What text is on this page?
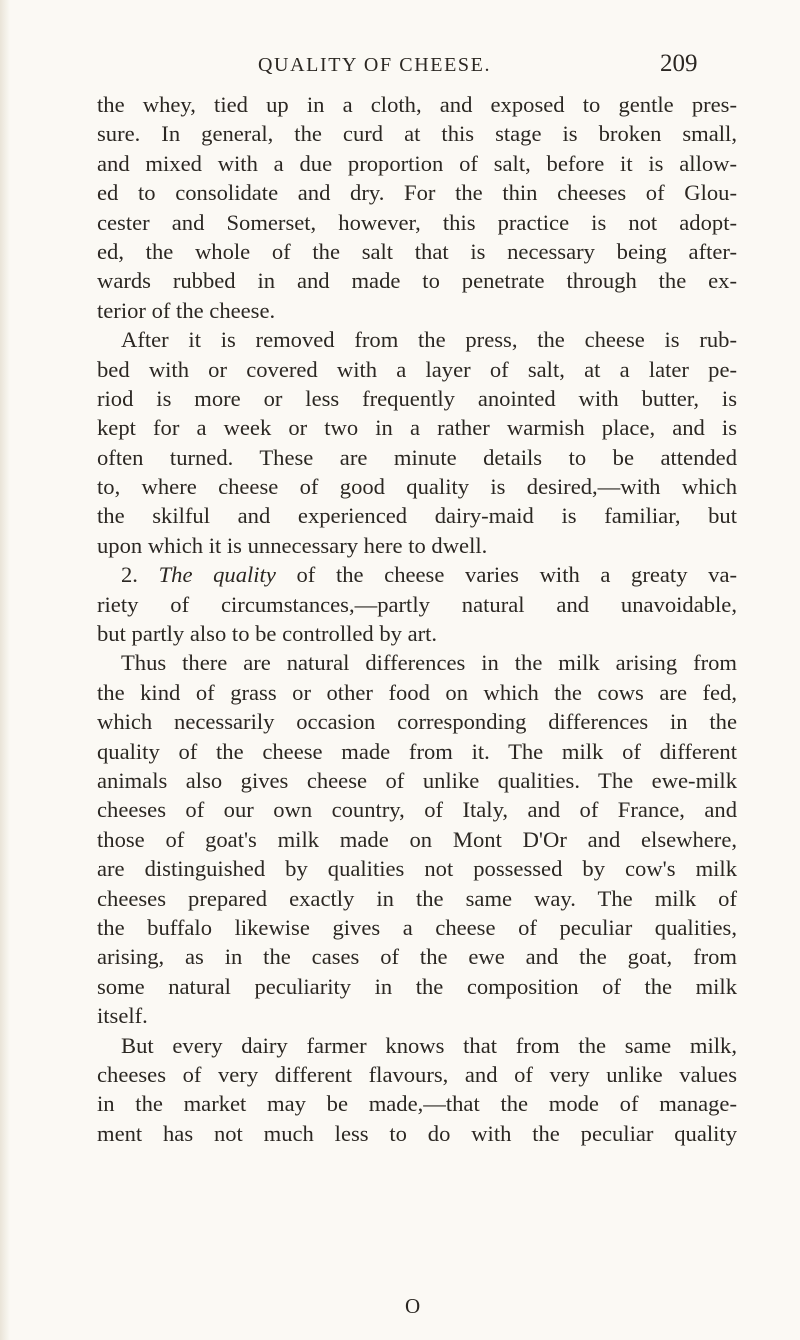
QUALITY OF CHEESE.	209
the whey, tied up in a cloth, and exposed to gentle pres-
sure. In general, the curd at this stage is broken small,
and mixed with a due proportion of salt, before it is allow-
ed to consolidate and dry. For the thin cheeses of Glou-
cester and Somerset, however, this practice is not adopt-
ed, the whole of the salt that is necessary being after-
wards rubbed in and made to penetrate through the ex-
terior of the cheese.
After it is removed from the press, the cheese is rub-
bed with or covered with a layer of salt, at a later pe-
riod is more or less frequently anointed with butter, is
kept for a week or two in a rather warmish place, and is
often turned. These are minute details to be attended
to, where cheese of good quality is desired,—with which
the skilful and experienced dairy-maid is familiar, but
upon which it is unnecessary here to dwell.
2. The quality of the cheese varies with a greaty va-
riety of circumstances,—partly natural and unavoidable,
but partly also to be controlled by art.
Thus there are natural differences in the milk arising from
the kind of grass or other food on which the cows are fed,
which necessarily occasion corresponding differences in the
quality of the cheese made from it. The milk of different
animals also gives cheese of unlike qualities. The ewe-milk
cheeses of our own country, of Italy, and of France, and
those of goat's milk made on Mont D'Or and elsewhere,
are distinguished by qualities not possessed by cow's milk
cheeses prepared exactly in the same way. The milk of
the buffalo likewise gives a cheese of peculiar qualities,
arising, as in the cases of the ewe and the goat, from
some natural peculiarity in the composition of the milk
itself.
But every dairy farmer knows that from the same milk,
cheeses of very different flavours, and of very unlike values
in the market may be made,—that the mode of manage-
ment has not much less to do with the peculiar quality
O
